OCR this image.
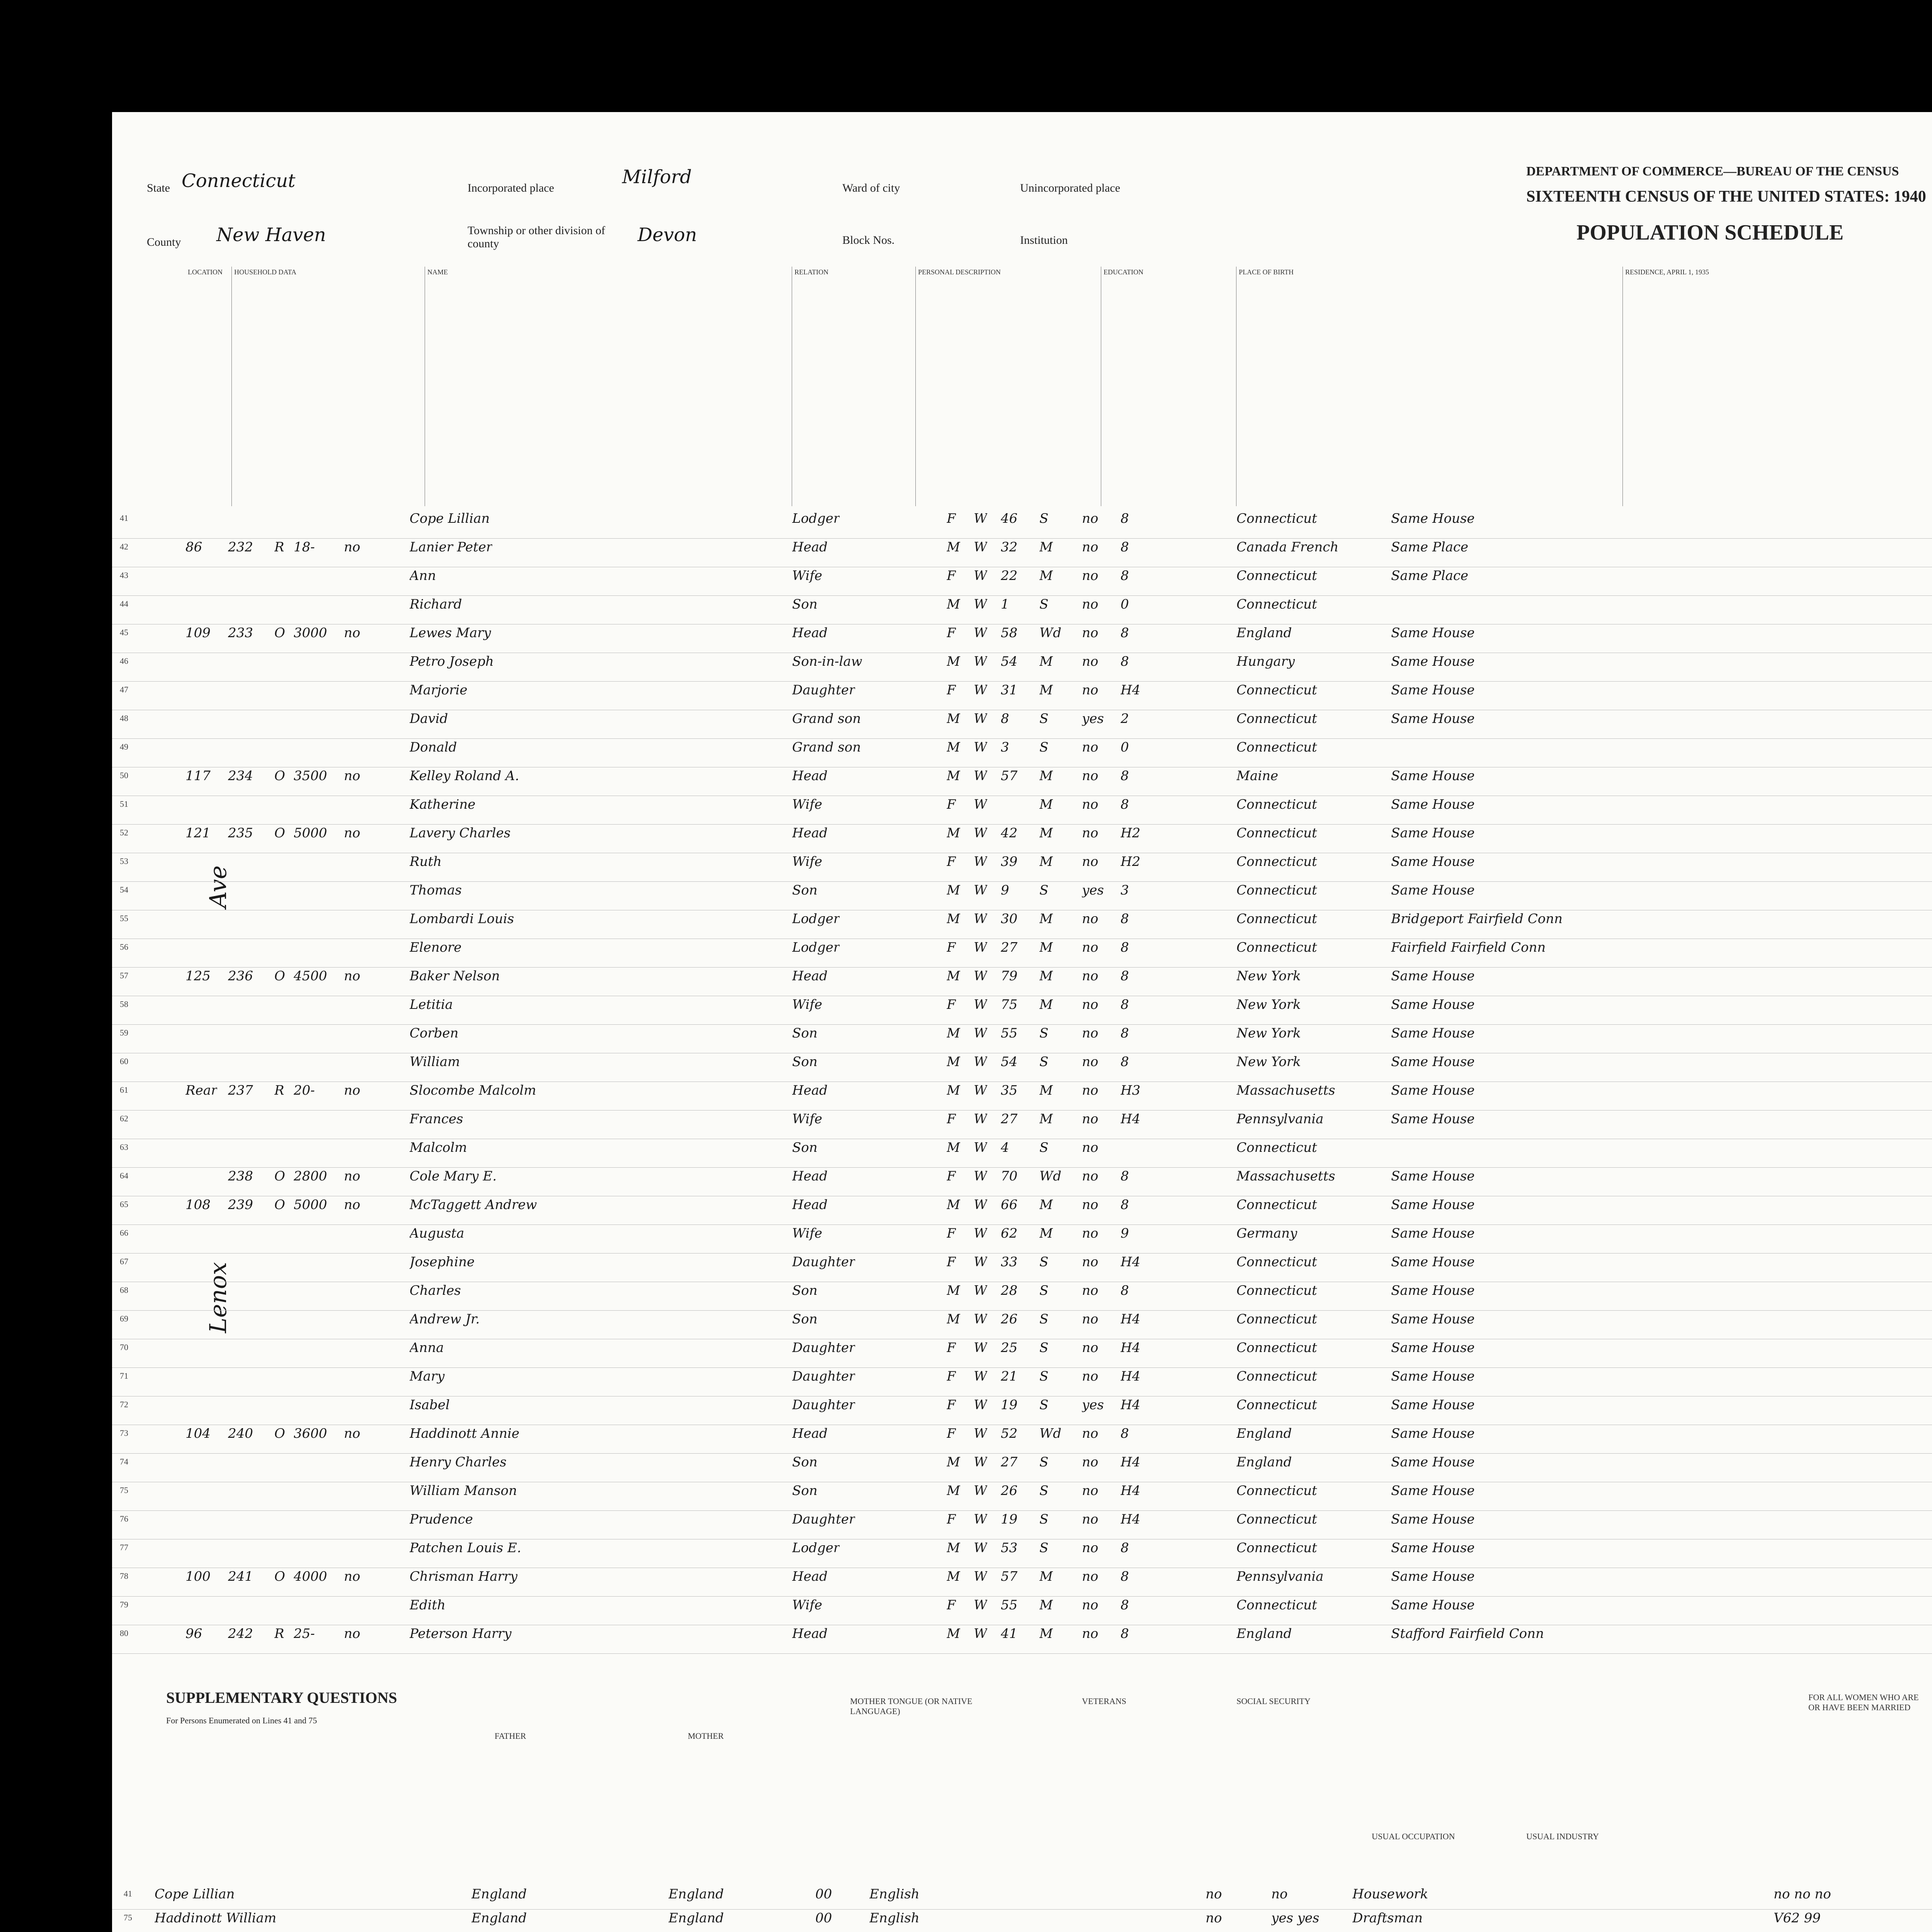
State Connecticut
County New Haven
Incorporated place
Milford
Township or other division of county	Devon
Ward of city
Block Nos.
Unincorporated place
Institution
DEPARTMENT OF COMMERCE—BUREAU OF THE CENSUS
SIXTEENTH CENSUS OF THE UNITED STATES: 1940
POPULATION SCHEDULE
LOCATION	HOUSEHOLD DATA	NAME	RELATION	PERSONAL DESCRIPTION	EDUCATION	PLACE OF BIRTH	RESIDENCE, APRIL 1, 1935
Ave
Lenox
41	Cope Lillian	Lodger	F W 46 S	no 8	Connecticut	Same House
42	86 232 R 18- no	Lanier Peter	Head	M W 32 M no 8	Canada French	Same Place
43	Ann	Wife	F W 22 M no 8	Connecticut	Same Place
44	Richard	Son	M W 1 S	no 0	Connecticut
45	109 233 O 3000 no	Lewes Mary	Head	F W 58 Wd no 8	England	Same House
46	Petro Joseph	Son-in-law	M W 54 M no 8	Hungary	Same House
47	Marjorie	Daughter	F W 31 M no H4	Connecticut	Same House
48	David	Grand son	M W 8 S	yes 2	Connecticut	Same House
49	Donald	Grand son	M W 3 S	no 0	Connecticut
50	117 234 O 3500 no	Kelley Roland A.	Head	M W 57 M no 8	Maine	Same House
51	Katherine	Wife	F W	M no 8	Connecticut	Same House
52	121 235 O 5000 no	Lavery Charles	Head	M W 42 M no H2	Connecticut	Same House
53	Ruth	Wife	F W 39 M no H2	Connecticut	Same House
54	Thomas	Son	M W 9 S	yes 3	Connecticut	Same House
55	Lombardi Louis	Lodger	M W 30 M no 8	Connecticut	Bridgeport Fairfield Conn
56	Elenore	Lodger	F W 27 M no 8	Connecticut	Fairfield Fairfield Conn
57	125 236 O 4500 no	Baker Nelson	Head	M W 79 M no 8	New York	Same House
58	Letitia	Wife	F W 75 M no 8	New York	Same House
59	Corben	Son	M W 55 S	no 8	New York	Same House
60	William	Son	M W 54 S	no 8	New York	Same House
61	Rear 237 R 20- no	Slocombe Malcolm	Head	M W 35 M no H3	Massachusetts	Same House
62	Frances	Wife	F W 27 M no H4	Pennsylvania	Same House
63	Malcolm	Son	M W 4 S	no	Connecticut
64	238 O 2800 no	Cole Mary E.	Head	F W 70 Wd no 8	Massachusetts	Same House
65	108 239 O 5000 no	McTaggett Andrew	Head	M W 66 M no 8	Connecticut	Same House
66	Augusta	Wife	F W 62 M no 9	Germany	Same House
67	Josephine	Daughter	F W 33 S	no H4	Connecticut	Same House
68	Charles	Son	M W 28 S	no 8	Connecticut	Same House
69	Andrew Jr.	Son	M W 26 S	no H4	Connecticut	Same House
70	Anna	Daughter	F W 25 S	no H4	Connecticut	Same House
71	Mary	Daughter	F W 21 S	no H4	Connecticut	Same House
72	Isabel	Daughter	F W 19 S	yes H4	Connecticut	Same House
73	104 240 O 3600 no	Haddinott Annie	Head	F W 52 Wd no 8	England	Same House
74	Henry Charles	Son	M W 27 S	no H4	England	Same House
75	William Manson	Son	M W 26 S	no H4	Connecticut	Same House
76	Prudence	Daughter	F W 19 S	no H4	Connecticut	Same House
77	Patchen Louis E.	Lodger	M W 53 S	no 8	Connecticut	Same House
78	100 241 O 4000 no	Chrisman Harry	Head	M W 57 M no 8	Pennsylvania	Same House
79	Edith	Wife	F W 55 M no 8	Connecticut	Same House
80	96 242 R 25- no	Peterson Harry	Head	M W 41 M no 8	England	Stafford Fairfield Conn
SUPPLEMENTARY QUESTIONS
For Persons Enumerated on Lines 41 and 75
FATHER	MOTHER
MOTHER TONGUE (OR NATIVE LANGUAGE)
VETERANS	SOCIAL SECURITY
USUAL OCCUPATION	USUAL INDUSTRY
FOR ALL WOMEN WHO ARE OR HAVE BEEN MARRIED
41 Cope Lillian	England	England	00	English	no	no	Housework	no no no
75 Haddinott William	England	England	00	English	no	yes yes	Draftsman	V62 99
